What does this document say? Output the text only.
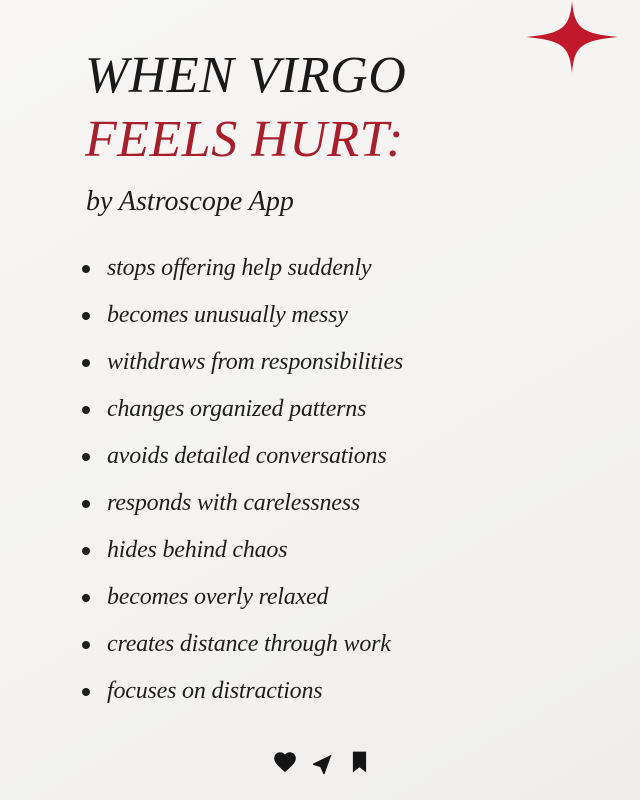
WHEN VIRGO
FEELS HURT:
by Astroscope App
stops offering help suddenly
becomes unusually messy
withdraws from responsibilities
changes organized patterns
avoids detailed conversations
responds with carelessness
hides behind chaos
becomes overly relaxed
creates distance through work
focuses on distractions
